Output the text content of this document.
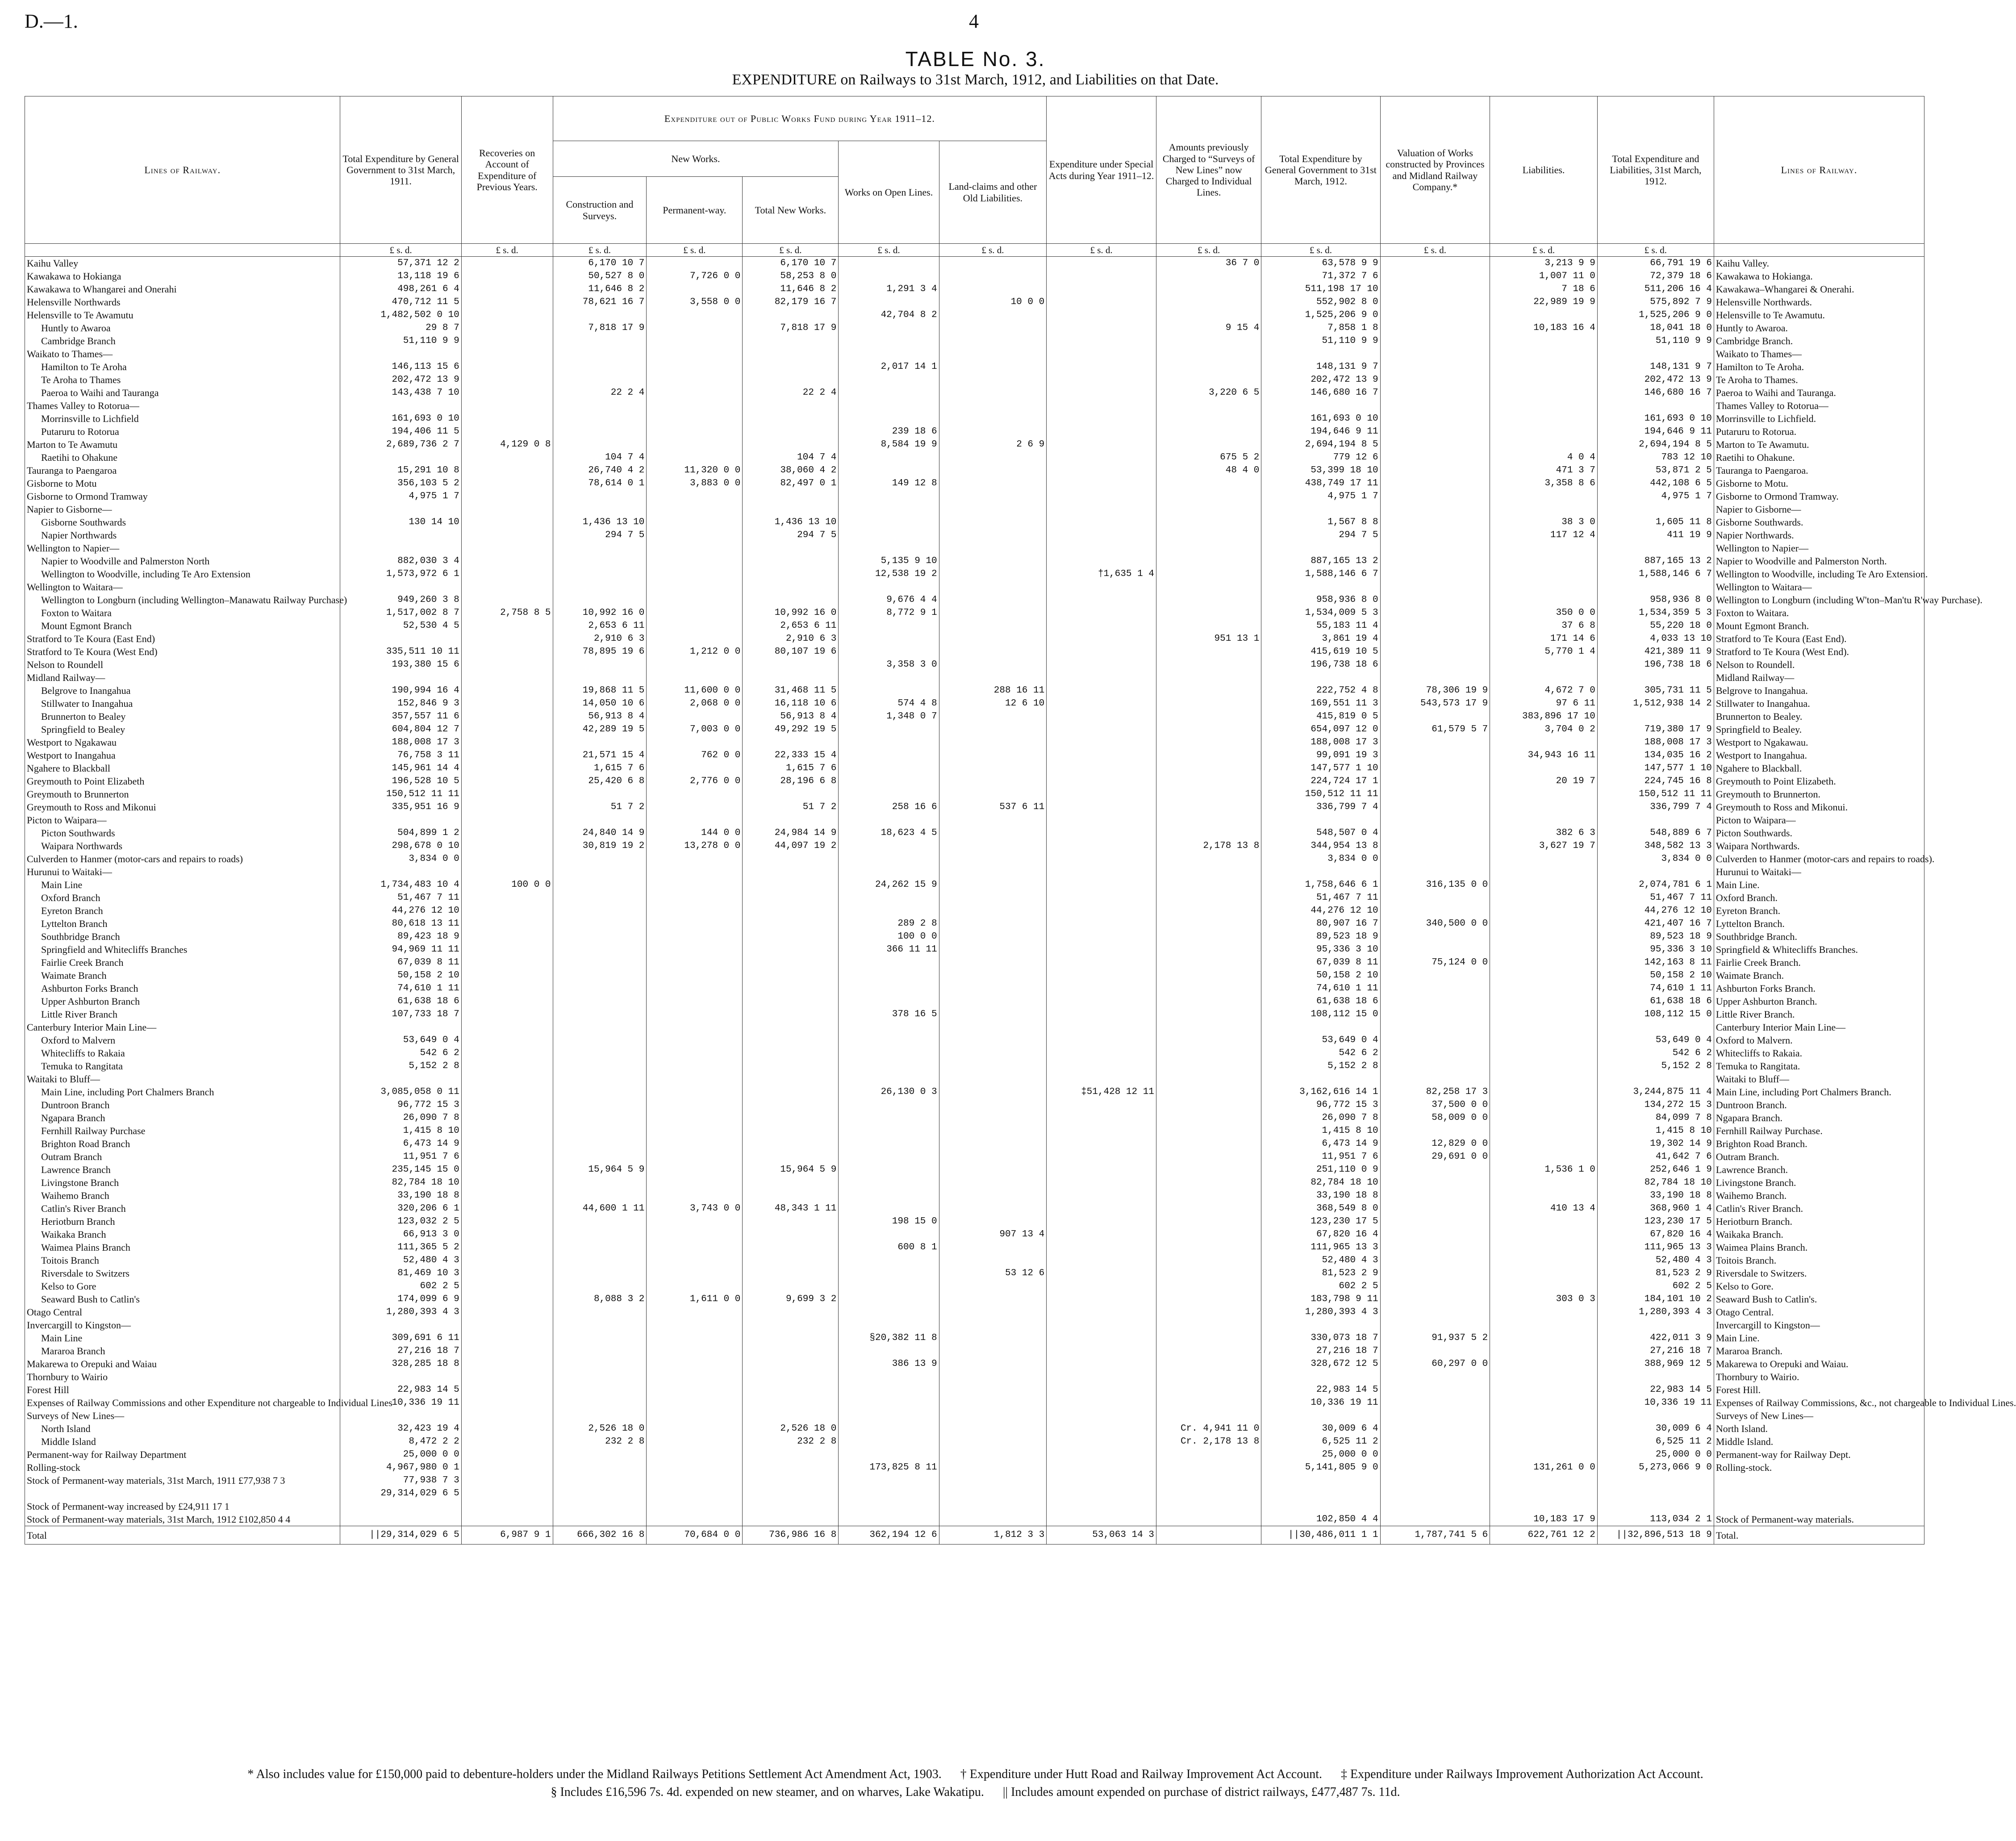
D.—1.	4
TABLE No. 3.
EXPENDITURE on Railways to 31st March, 1912, and Liabilities on that Date.
Lines of Railway.	Total Expenditure by General Government to 31st March, 1911.	Recoveries on Account of Expenditure of Previous Years.	Expenditure out of Public Works Fund during Year 1911–12.					Expenditure under Special Acts during Year 1911–12.	Amounts previously Charged to “Surveys of New Lines” now Charged to Individual Lines.	Total Expenditure by General Government to 31st March, 1912.	Valuation of Works constructed by Provinces and Midland Railway Company.*	Liabilities.	Total Expenditure and Liabilities, 31st March, 1912.	Lines of Railway.
			New Works.			Works on Open Lines.	Land-claims and other Old Liabilities.							
			Construction and Surveys.	Permanent-way.	Total New Works.									
	£ s. d.	£ s. d.	£ s. d.	£ s. d.	£ s. d.	£ s. d.	£ s. d.	£ s. d.	£ s. d.	£ s. d.	£ s. d.	£ s. d.	£ s. d.	
Kaihu Valley	57,371 12 2		6,170 10 7		6,170 10 7				36 7 0	63,578 9 9		3,213 9 9	66,791 19 6	Kaihu Valley.
Kawakawa to Hokianga	13,118 19 6		50,527 8 0	7,726 0 0	58,253 8 0					71,372 7 6		1,007 11 0	72,379 18 6	Kawakawa to Hokianga.
Kawakawa to Whangarei and Onerahi	498,261 6 4		11,646 8 2		11,646 8 2	1,291 3 4				511,198 17 10		7 18 6	511,206 16 4	Kawakawa–Whangarei & Onerahi.
Helensville Northwards	470,712 11 5		78,621 16 7	3,558 0 0	82,179 16 7		10 0 0			552,902 8 0		22,989 19 9	575,892 7 9	Helensville Northwards.
Helensville to Te Awamutu	1,482,502 0 10					42,704 8 2				1,525,206 9 0			1,525,206 9 0	Helensville to Te Awamutu.
Huntly to Awaroa	29 8 7		7,818 17 9		7,818 17 9				9 15 4	7,858 1 8		10,183 16 4	18,041 18 0	Huntly to Awaroa.
Cambridge Branch	51,110 9 9									51,110 9 9			51,110 9 9	Cambridge Branch.
Waikato to Thames—														Waikato to Thames—
Hamilton to Te Aroha	146,113 15 6					2,017 14 1				148,131 9 7			148,131 9 7	Hamilton to Te Aroha.
Te Aroha to Thames	202,472 13 9									202,472 13 9			202,472 13 9	Te Aroha to Thames.
Paeroa to Waihi and Tauranga	143,438 7 10		22 2 4		22 2 4				3,220 6 5	146,680 16 7			146,680 16 7	Paeroa to Waihi and Tauranga.
Thames Valley to Rotorua—														Thames Valley to Rotorua—
Morrinsville to Lichfield	161,693 0 10									161,693 0 10			161,693 0 10	Morrinsville to Lichfield.
Putaruru to Rotorua	194,406 11 5					239 18 6				194,646 9 11			194,646 9 11	Putaruru to Rotorua.
Marton to Te Awamutu	2,689,736 2 7	4,129 0 8				8,584 19 9	2 6 9			2,694,194 8 5			2,694,194 8 5	Marton to Te Awamutu.
Raetihi to Ohakune			104 7 4		104 7 4				675 5 2	779 12 6		4 0 4	783 12 10	Raetihi to Ohakune.
Tauranga to Paengaroa	15,291 10 8		26,740 4 2	11,320 0 0	38,060 4 2				48 4 0	53,399 18 10		471 3 7	53,871 2 5	Tauranga to Paengaroa.
Gisborne to Motu	356,103 5 2		78,614 0 1	3,883 0 0	82,497 0 1	149 12 8				438,749 17 11		3,358 8 6	442,108 6 5	Gisborne to Motu.
Gisborne to Ormond Tramway	4,975 1 7									4,975 1 7			4,975 1 7	Gisborne to Ormond Tramway.
Napier to Gisborne—														Napier to Gisborne—
Gisborne Southwards	130 14 10		1,436 13 10		1,436 13 10					1,567 8 8		38 3 0	1,605 11 8	Gisborne Southwards.
Napier Northwards			294 7 5		294 7 5					294 7 5		117 12 4	411 19 9	Napier Northwards.
Wellington to Napier—														Wellington to Napier—
Napier to Woodville and Palmerston North	882,030 3 4					5,135 9 10				887,165 13 2			887,165 13 2	Napier to Woodville and Palmerston North.
Wellington to Woodville, including Te Aro Extension	1,573,972 6 1					12,538 19 2		†1,635 1 4		1,588,146 6 7			1,588,146 6 7	Wellington to Woodville, including Te Aro Extension.
Wellington to Waitara—														Wellington to Waitara—
Wellington to Longburn (including Wellington–Manawatu Railway Purchase)	949,260 3 8					9,676 4 4				958,936 8 0			958,936 8 0	Wellington to Longburn (including W'ton–Man'tu R'way Purchase).
Foxton to Waitara	1,517,002 8 7	2,758 8 5	10,992 16 0		10,992 16 0	8,772 9 1				1,534,009 5 3		350 0 0	1,534,359 5 3	Foxton to Waitara.
Mount Egmont Branch	52,530 4 5		2,653 6 11		2,653 6 11					55,183 11 4		37 6 8	55,220 18 0	Mount Egmont Branch.
Stratford to Te Koura (East End)			2,910 6 3		2,910 6 3				951 13 1	3,861 19 4		171 14 6	4,033 13 10	Stratford to Te Koura (East End).
Stratford to Te Koura (West End)	335,511 10 11		78,895 19 6	1,212 0 0	80,107 19 6					415,619 10 5		5,770 1 4	421,389 11 9	Stratford to Te Koura (West End).
Nelson to Roundell	193,380 15 6					3,358 3 0				196,738 18 6			196,738 18 6	Nelson to Roundell.
Midland Railway—														Midland Railway—
Belgrove to Inangahua	190,994 16 4		19,868 11 5	11,600 0 0	31,468 11 5		288 16 11			222,752 4 8	78,306 19 9	4,672 7 0	305,731 11 5	Belgrove to Inangahua.
Stillwater to Inangahua	152,846 9 3		14,050 10 6	2,068 0 0	16,118 10 6	574 4 8	12 6 10			169,551 11 3	543,573 17 9	97 6 11	1,512,938 14 2	Stillwater to Inangahua.
Brunnerton to Bealey	357,557 11 6		56,913 8 4		56,913 8 4	1,348 0 7				415,819 0 5		383,896 17 10		Brunnerton to Bealey.
Springfield to Bealey	604,804 12 7		42,289 19 5	7,003 0 0	49,292 19 5					654,097 12 0	61,579 5 7	3,704 0 2	719,380 17 9	Springfield to Bealey.
Westport to Ngakawau	188,008 17 3									188,008 17 3			188,008 17 3	Westport to Ngakawau.
Westport to Inangahua	76,758 3 11		21,571 15 4	762 0 0	22,333 15 4					99,091 19 3		34,943 16 11	134,035 16 2	Westport to Inangahua.
Ngahere to Blackball	145,961 14 4		1,615 7 6		1,615 7 6					147,577 1 10			147,577 1 10	Ngahere to Blackball.
Greymouth to Point Elizabeth	196,528 10 5		25,420 6 8	2,776 0 0	28,196 6 8					224,724 17 1		20 19 7	224,745 16 8	Greymouth to Point Elizabeth.
Greymouth to Brunnerton	150,512 11 11									150,512 11 11			150,512 11 11	Greymouth to Brunnerton.
Greymouth to Ross and Mikonui	335,951 16 9		51 7 2		51 7 2	258 16 6	537 6 11			336,799 7 4			336,799 7 4	Greymouth to Ross and Mikonui.
Picton to Waipara—														Picton to Waipara—
Picton Southwards	504,899 1 2		24,840 14 9	144 0 0	24,984 14 9	18,623 4 5				548,507 0 4		382 6 3	548,889 6 7	Picton Southwards.
Waipara Northwards	298,678 0 10		30,819 19 2	13,278 0 0	44,097 19 2				2,178 13 8	344,954 13 8		3,627 19 7	348,582 13 3	Waipara Northwards.
Culverden to Hanmer (motor-cars and repairs to roads)	3,834 0 0									3,834 0 0			3,834 0 0	Culverden to Hanmer (motor-cars and repairs to roads).
Hurunui to Waitaki—														Hurunui to Waitaki—
Main Line	1,734,483 10 4	100 0 0				24,262 15 9				1,758,646 6 1	316,135 0 0		2,074,781 6 1	Main Line.
Oxford Branch	51,467 7 11									51,467 7 11			51,467 7 11	Oxford Branch.
Eyreton Branch	44,276 12 10									44,276 12 10			44,276 12 10	Eyreton Branch.
Lyttelton Branch	80,618 13 11					289 2 8				80,907 16 7	340,500 0 0		421,407 16 7	Lyttelton Branch.
Southbridge Branch	89,423 18 9					100 0 0				89,523 18 9			89,523 18 9	Southbridge Branch.
Springfield and Whitecliffs Branches	94,969 11 11					366 11 11				95,336 3 10			95,336 3 10	Springfield & Whitecliffs Branches.
Fairlie Creek Branch	67,039 8 11									67,039 8 11	75,124 0 0		142,163 8 11	Fairlie Creek Branch.
Waimate Branch	50,158 2 10									50,158 2 10			50,158 2 10	Waimate Branch.
Ashburton Forks Branch	74,610 1 11									74,610 1 11			74,610 1 11	Ashburton Forks Branch.
Upper Ashburton Branch	61,638 18 6									61,638 18 6			61,638 18 6	Upper Ashburton Branch.
Little River Branch	107,733 18 7					378 16 5				108,112 15 0			108,112 15 0	Little River Branch.
Canterbury Interior Main Line—														Canterbury Interior Main Line—
Oxford to Malvern	53,649 0 4									53,649 0 4			53,649 0 4	Oxford to Malvern.
Whitecliffs to Rakaia	542 6 2									542 6 2			542 6 2	Whitecliffs to Rakaia.
Temuka to Rangitata	5,152 2 8									5,152 2 8			5,152 2 8	Temuka to Rangitata.
Waitaki to Bluff—														Waitaki to Bluff—
Main Line, including Port Chalmers Branch	3,085,058 0 11					26,130 0 3		‡51,428 12 11		3,162,616 14 1	82,258 17 3		3,244,875 11 4	Main Line, including Port Chalmers Branch.
Duntroon Branch	96,772 15 3									96,772 15 3	37,500 0 0		134,272 15 3	Duntroon Branch.
Ngapara Branch	26,090 7 8									26,090 7 8	58,009 0 0		84,099 7 8	Ngapara Branch.
Fernhill Railway Purchase	1,415 8 10									1,415 8 10			1,415 8 10	Fernhill Railway Purchase.
Brighton Road Branch	6,473 14 9									6,473 14 9	12,829 0 0		19,302 14 9	Brighton Road Branch.
Outram Branch	11,951 7 6									11,951 7 6	29,691 0 0		41,642 7 6	Outram Branch.
Lawrence Branch	235,145 15 0		15,964 5 9		15,964 5 9					251,110 0 9		1,536 1 0	252,646 1 9	Lawrence Branch.
Livingstone Branch	82,784 18 10									82,784 18 10			82,784 18 10	Livingstone Branch.
Waihemo Branch	33,190 18 8									33,190 18 8			33,190 18 8	Waihemo Branch.
Catlin's River Branch	320,206 6 1		44,600 1 11	3,743 0 0	48,343 1 11					368,549 8 0		410 13 4	368,960 1 4	Catlin's River Branch.
Heriotburn Branch	123,032 2 5					198 15 0				123,230 17 5			123,230 17 5	Heriotburn Branch.
Waikaka Branch	66,913 3 0						907 13 4			67,820 16 4			67,820 16 4	Waikaka Branch.
Waimea Plains Branch	111,365 5 2					600 8 1				111,965 13 3			111,965 13 3	Waimea Plains Branch.
Toitois Branch	52,480 4 3									52,480 4 3			52,480 4 3	Toitois Branch.
Riversdale to Switzers	81,469 10 3						53 12 6			81,523 2 9			81,523 2 9	Riversdale to Switzers.
Kelso to Gore	602 2 5									602 2 5			602 2 5	Kelso to Gore.
Seaward Bush to Catlin's	174,099 6 9		8,088 3 2	1,611 0 0	9,699 3 2					183,798 9 11		303 0 3	184,101 10 2	Seaward Bush to Catlin's.
Otago Central	1,280,393 4 3									1,280,393 4 3			1,280,393 4 3	Otago Central.
Invercargill to Kingston—														Invercargill to Kingston—
Main Line	309,691 6 11					§20,382 11 8				330,073 18 7	91,937 5 2		422,011 3 9	Main Line.
Mararoa Branch	27,216 18 7									27,216 18 7			27,216 18 7	Mararoa Branch.
Makarewa to Orepuki and Waiau	328,285 18 8					386 13 9				328,672 12 5	60,297 0 0		388,969 12 5	Makarewa to Orepuki and Waiau.
Thornbury to Wairio														Thornbury to Wairio.
Forest Hill	22,983 14 5									22,983 14 5			22,983 14 5	Forest Hill.
Expenses of Railway Commissions and other Expenditure not chargeable to Individual Lines	10,336 19 11									10,336 19 11			10,336 19 11	Expenses of Railway Commissions, &c., not chargeable to Individual Lines.
Surveys of New Lines—														Surveys of New Lines—
North Island	32,423 19 4		2,526 18 0		2,526 18 0				Cr. 4,941 11 0	30,009 6 4			30,009 6 4	North Island.
Middle Island	8,472 2 2		232 2 8		232 2 8				Cr. 2,178 13 8	6,525 11 2			6,525 11 2	Middle Island.
Permanent-way for Railway Department	25,000 0 0									25,000 0 0			25,000 0 0	Permanent-way for Railway Dept.
Rolling-stock	4,967,980 0 1					173,825 8 11				5,141,805 9 0		131,261 0 0	5,273,066 9 0	Rolling-stock.
Stock of Permanent-way materials, 31st March, 1911 £77,938 7 3	77,938 7 3													
	29,314,029 6 5													
Stock of Permanent-way increased by £24,911 17 1														
Stock of Permanent-way materials, 31st March, 1912 £102,850 4 4										102,850 4 4		10,183 17 9	113,034 2 1	Stock of Permanent-way materials.
Total	||29,314,029 6 5	6,987 9 1	666,302 16 8	70,684 0 0	736,986 16 8	362,194 12 6	1,812 3 3	53,063 14 3		||30,486,011 1 1	1,787,741 5 6	622,761 12 2	||32,896,513 18 9	Total.
* Also includes value for £150,000 paid to debenture-holders under the Midland Railways Petitions Settlement Act Amendment Act, 1903. † Expenditure under Hutt Road and Railway Improvement Act Account. ‡ Expenditure under Railways Improvement Authorization Act Account.
§ Includes £16,596 7s. 4d. expended on new steamer, and on wharves, Lake Wakatipu. || Includes amount expended on purchase of district railways, £477,487 7s. 11d.
